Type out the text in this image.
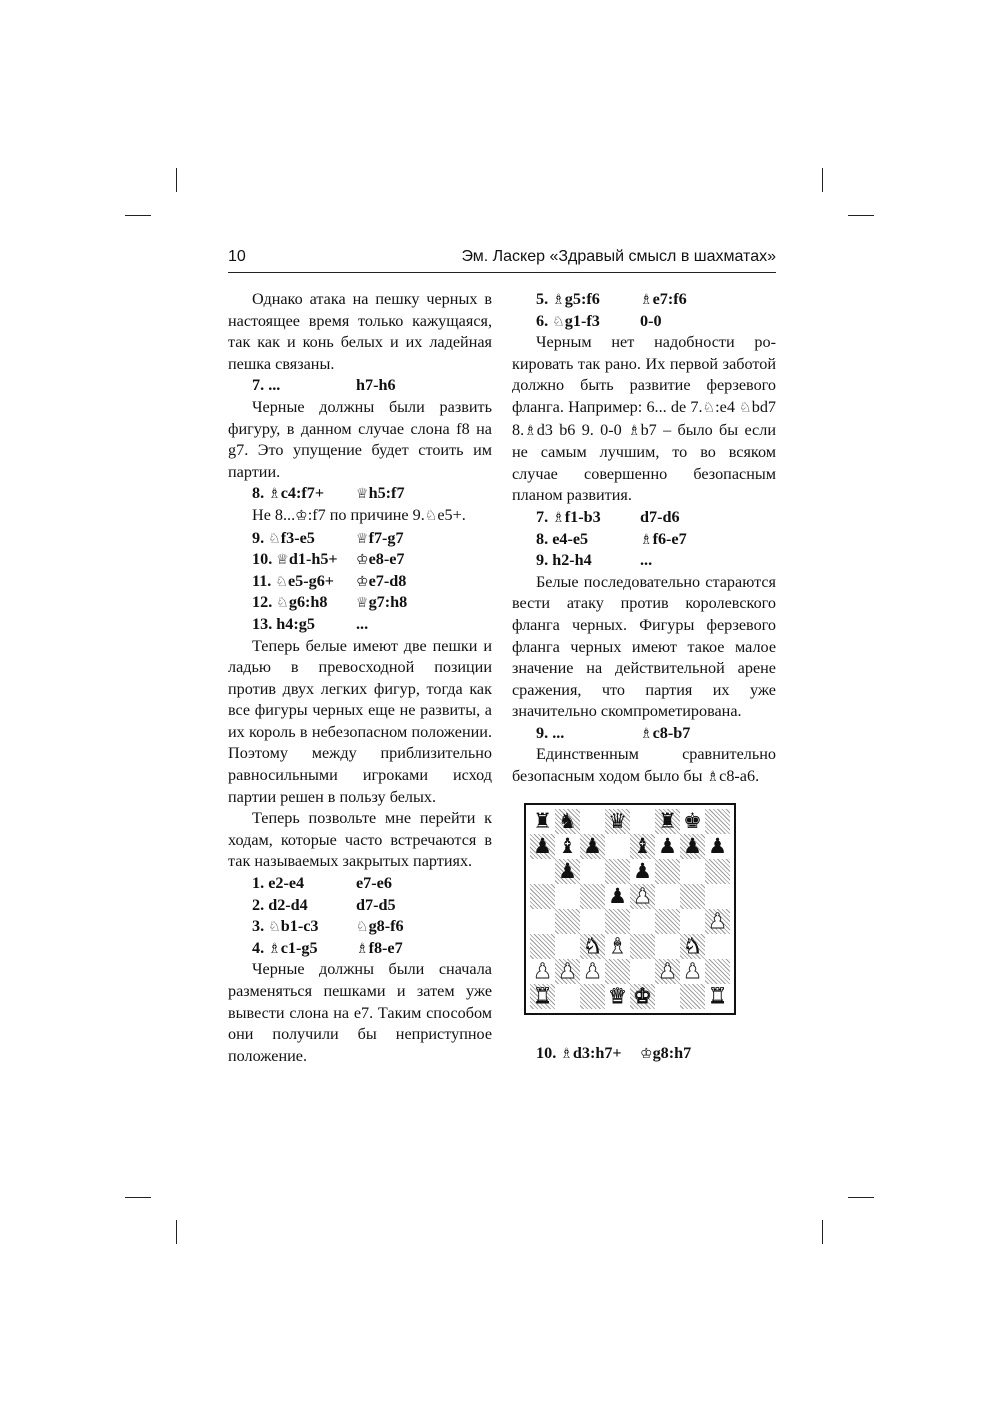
10	Эм. Ласкер «Здравый смысл в шахматах»

Однако атака на пешку черных в настоящее время только кажущаяся, так как и конь белых и их ладейная пешка связаны.

7. ...	h7-h6

Черные должны были развить фигуру, в данном случае слона f8 на g7. Это упущение будет стоить им партии.

8. ♗c4:f7+	♕h5:f7

Не 8...♔:f7 по причине 9.♘e5+.

9. ♘f3-e5	♕f7-g7
10. ♕d1-h5+	♔e8-e7
11. ♘e5-g6+	♔e7-d8
12. ♘g6:h8	♕g7:h8
13. h4:g5	...

Теперь белые имеют две пешки и ладью в превосходной позиции против двух легких фигур, тогда как все фигуры черных еще не развиты, а их король в небезопасном положении. Поэтому между приблизительно равносильными игроками исход партии решен в пользу белых.

Теперь позвольте мне перейти к ходам, которые часто встречаются в так называемых закрытых партиях.

1. e2-e4	e7-e6
2. d2-d4	d7-d5
3. ♘b1-c3	♘g8-f6
4. ♗c1-g5	♗f8-e7

Черные должны были сначала разменяться пешками и затем уже вывести слона на e7. Таким способом они получили бы неприступное положение.

5. ♗g5:f6	♗e7:f6
6. ♘g1-f3	0-0

Черным нет надобности рокировать так рано. Их первой заботой должно быть развитие ферзевого фланга. Например: 6... de 7.♘:e4 ♘bd7 8.♗d3 b6 9. 0-0 ♗b7 – было бы если не самым лучшим, то во всяком случае совершенно безопасным планом развития.

7. ♗f1-b3	d7-d6
8. e4-e5	♗f6-e7
9. h2-h4	...

Белые последовательно стараются вести атаку против королевского фланга черных. Фигуры ферзевого фланга черных имеют такое малое значение на действительной арене сражения, что партия их уже значительно скомпрометирована.

9. ...	♗c8-b7

Единственным сравнительно безопасным ходом было бы ♗c8-a6.

♜ ♞ ♛ ♜ ♚
♟ ♝ ♟ ♝ ♟ ♟ ♟
♟	♟
♟ ♟
♟
♞ ♝	♞
♟ ♟ ♟	♟ ♟
♜	♛ ♚	♜
10. ♗d3:h7+	♔g8:h7
